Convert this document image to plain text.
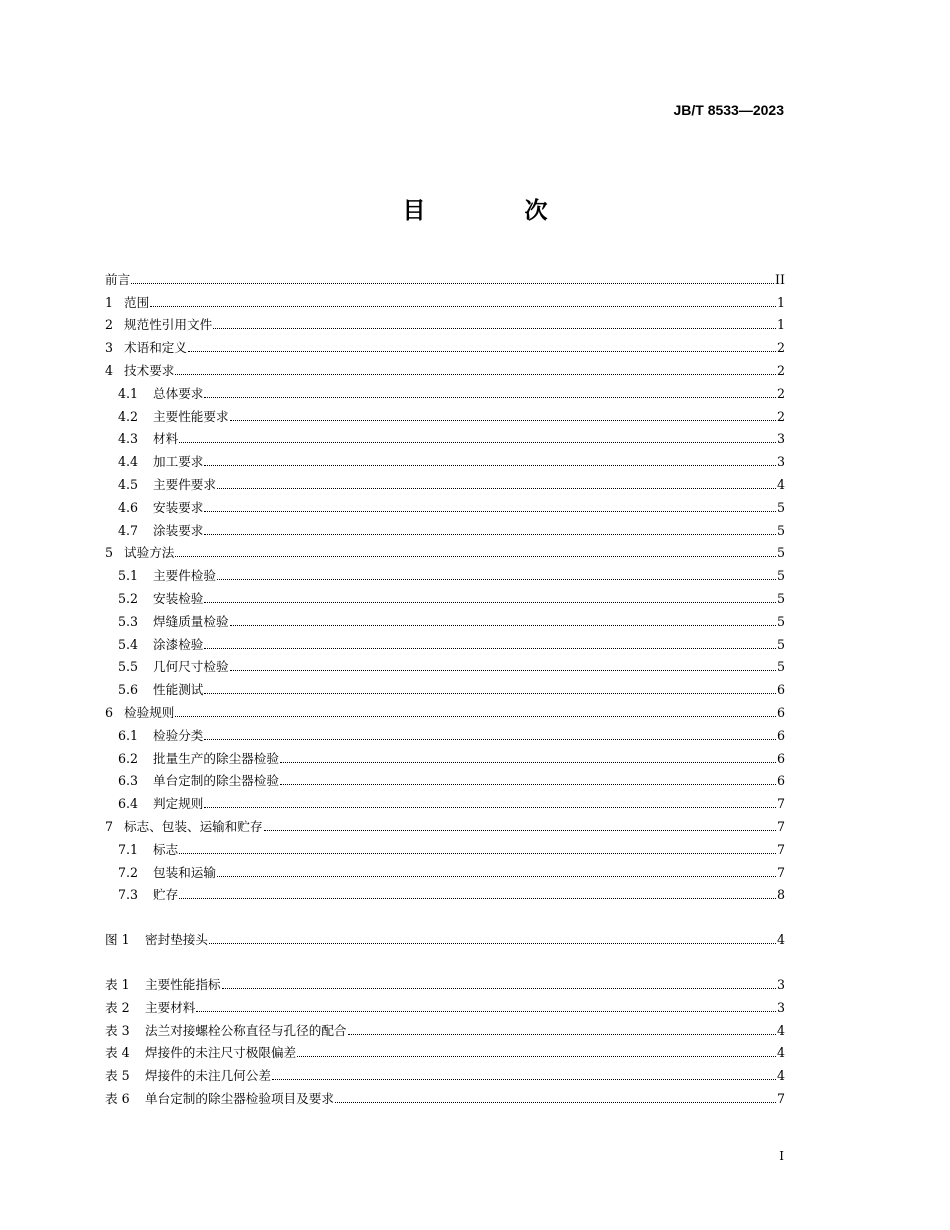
JB/T 8533—2023
目　次
前言	II
1 范围	1
2 规范性引用文件	1
3 术语和定义	2
4 技术要求	2
4.1	总体要求	2
4.2	主要性能要求	2
4.3	材料	3
4.4	加工要求	3
4.5	主要件要求	4
4.6	安装要求	5
4.7	涂装要求	5
5 试验方法	5
5.1	主要件检验	5
5.2	安装检验	5
5.3	焊缝质量检验	5
5.4	涂漆检验	5
5.5	几何尺寸检验	5
5.6	性能测试	6
6 检验规则	6
6.1	检验分类	6
6.2	批量生产的除尘器检验	6
6.3	单台定制的除尘器检验	6
6.4	判定规则	7
7 标志、包装、运输和贮存	7
7.1	标志	7
7.2	包装和运输	7
7.3	贮存	8
图 1	密封垫接头	4
表 1	主要性能指标	3
表 2	主要材料	3
表 3	法兰对接螺栓公称直径与孔径的配合	4
表 4	焊接件的未注尺寸极限偏差	4
表 5	焊接件的未注几何公差	4
表 6	单台定制的除尘器检验项目及要求	7
I
